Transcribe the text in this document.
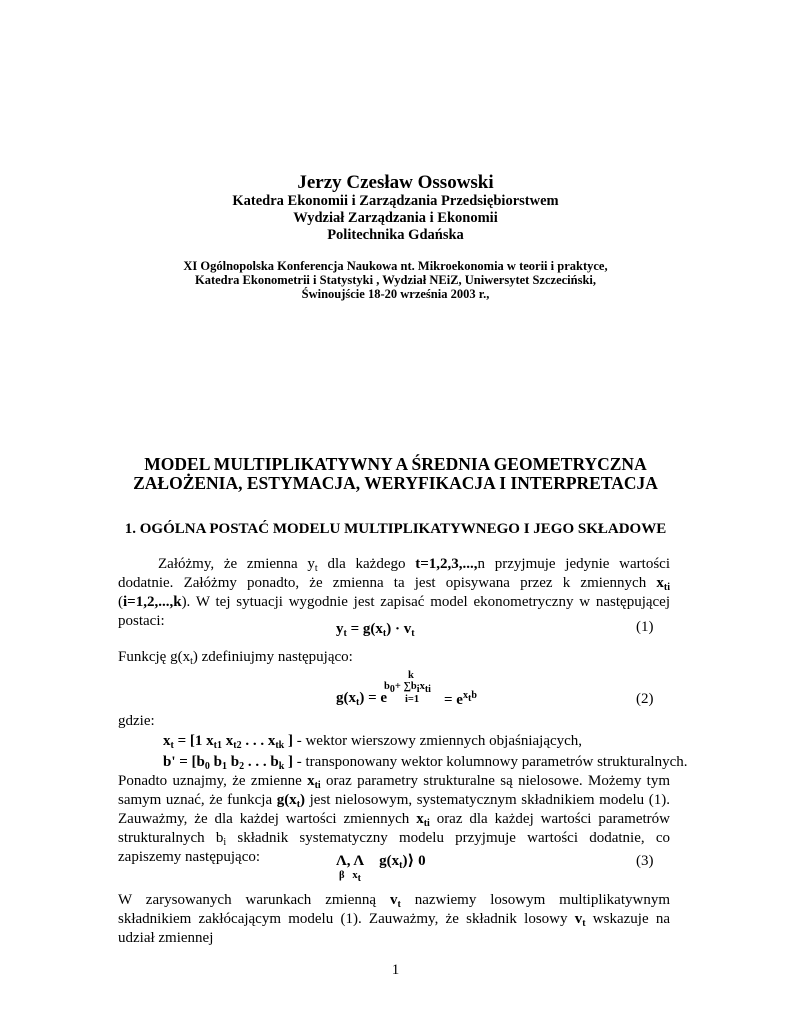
Jerzy Czesław Ossowski
Katedra Ekonomii i Zarządzania Przedsiębiorstwem
Wydział Zarządzania i Ekonomii
Politechnika Gdańska
XI Ogólnopolska Konferencja Naukowa nt. Mikroekonomia w teorii i praktyce,
Katedra Ekonometrii i Statystyki , Wydział NEiZ, Uniwersytet Szczeciński,
Świnoujście 18-20 września 2003 r.,
MODEL MULTIPLIKATYWNY A ŚREDNIA GEOMETRYCZNA
ZAŁOŻENIA, ESTYMACJA, WERYFIKACJA I INTERPRETACJA
1. OGÓLNA POSTAĆ MODELU MULTIPLIKATYWNEGO I JEGO SKŁADOWE
Załóżmy, że zmienna $y_t$ dla każdego t=1,2,3,...,n przyjmuje jedynie wartości dodatnie. Załóżmy ponadto, że zmienna ta jest opisywana przez k zmiennych $x_{ti}$ (i=1,2,...,k). W tej sytuacji wygodnie jest zapisać model ekonometryczny w następującej postaci:	$y_t = g(x_t) \cdot v_t$	(1)
Funkcję $g(x_t)$ zdefiniujmy następująco:
$g(x_t) = e$
k
$b_0+ \sum b_ix_{ti}$
$i=1 = e^{x_tb}$	(2)
gdzie:
$x_t = [1$ $x_{t1}$ $x_{t2}$ . . . $x_{tk}$ ] - wektor wierszowy zmiennych objaśniających,
$b' = [b_0$ $b_1$ $b_2$ . . . $b_k$ ] - transponowany wektor kolumnowy parametrów strukturalnych.
Ponadto uznajmy, że zmienne $x_{ti}$ oraz parametry strukturalne są nielosowe. Możemy tym samym uznać, że funkcja $g(x_t)$ jest nielosowym, systematycznym składnikiem modelu (1). Zauważmy, że dla każdej wartości zmiennych $x_{ti}$ oraz dla każdej wartości parametrów strukturalnych $b_i$ składnik systematyczny modelu przyjmuje wartości dodatnie, co zapiszemy następująco:	Λ, Λ    $g(x_t)⟩$ 0
β   $x_t$
(3)
W zarysowanych warunkach zmienną $v_t$ nazwiemy losowym multiplikatywnym składnikiem zakłócającym modelu (1). Zauważmy, że składnik losowy $v_t$ wskazuje na udział zmiennej
1
